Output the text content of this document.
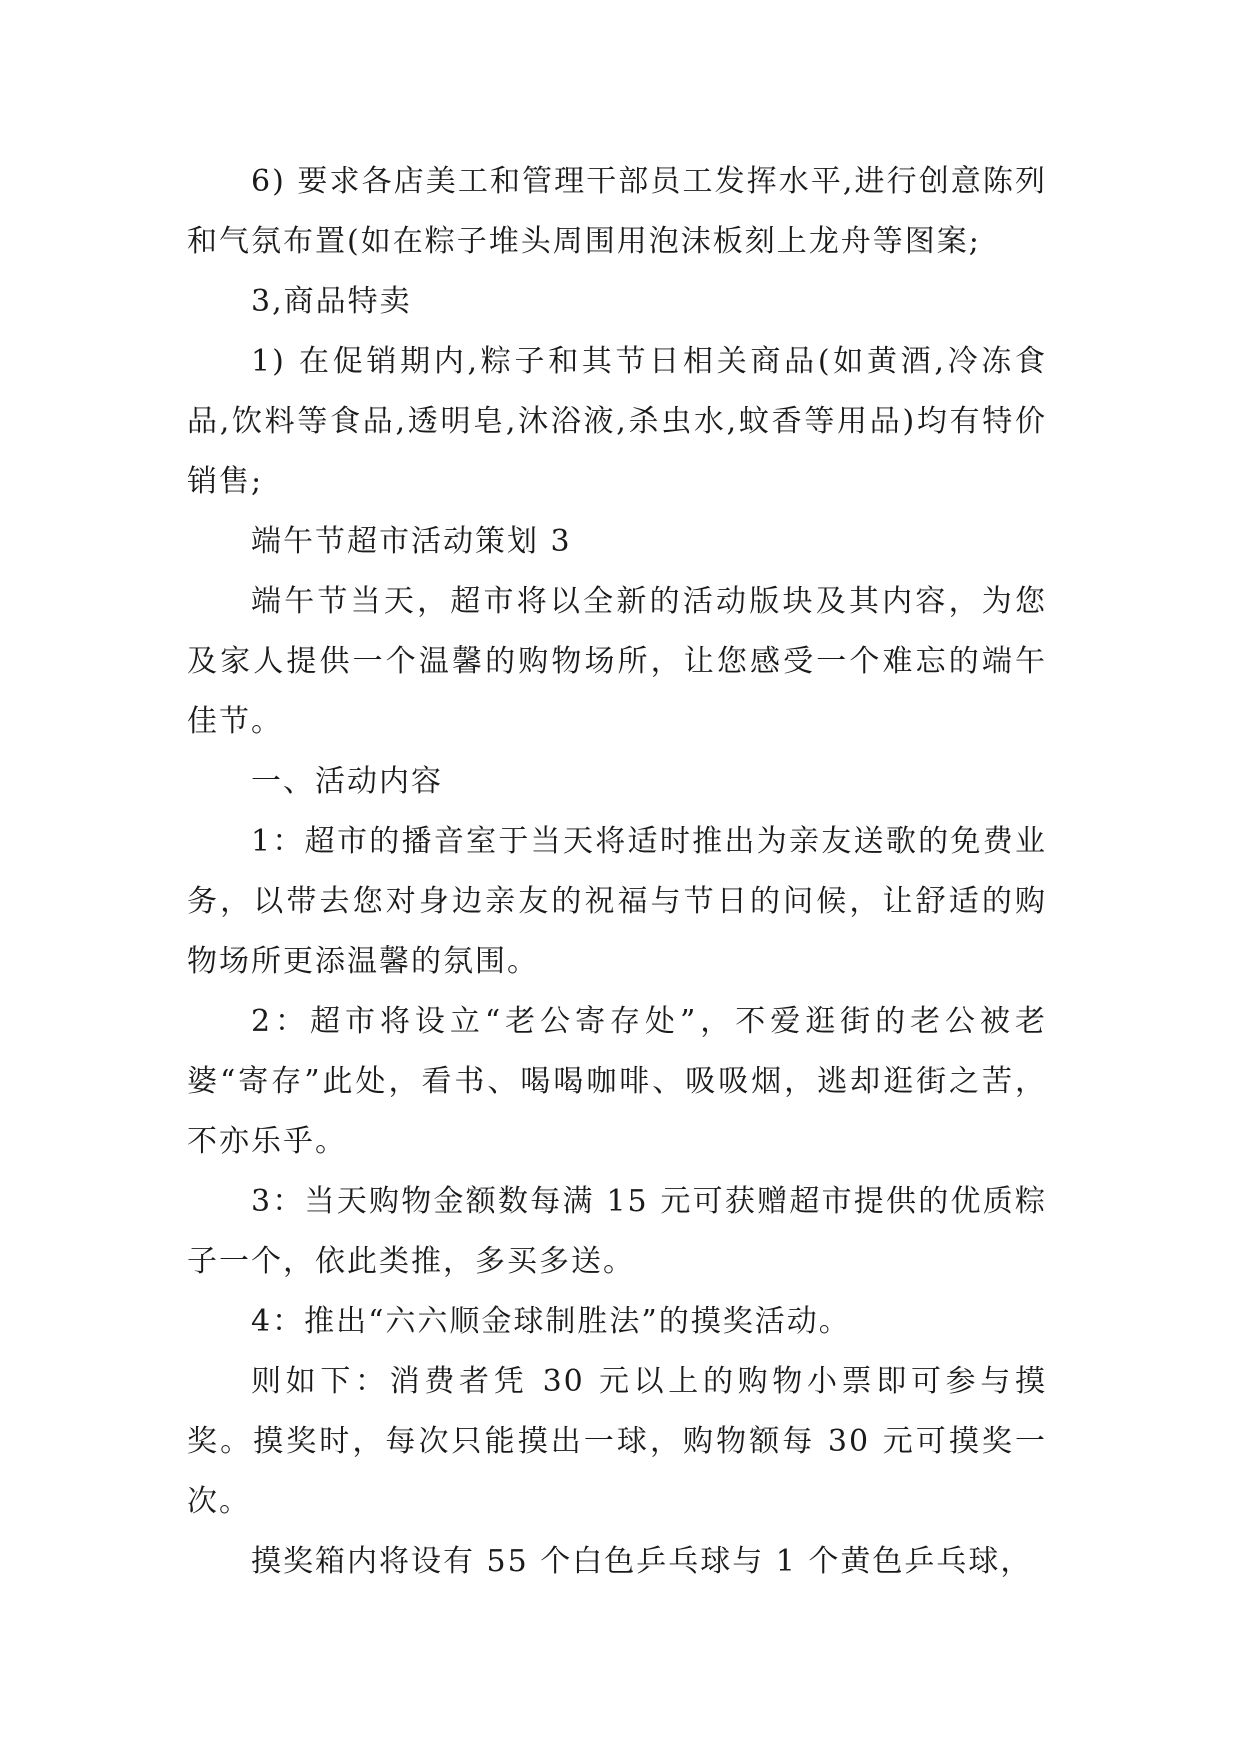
6) 要求各店美工和管理干部员工发挥水平,进行创意陈列和气氛布置(如在粽子堆头周围用泡沫板刻上龙舟等图案;

3,商品特卖

1) 在促销期内,粽子和其节日相关商品(如黄酒,冷冻食品,饮料等食品,透明皂,沐浴液,杀虫水,蚊香等用品)均有特价销售;

端午节超市活动策划 3

端午节当天，超市将以全新的活动版块及其内容，为您及家人提供一个温馨的购物场所，让您感受一个难忘的端午佳节。

一、活动内容

1：超市的播音室于当天将适时推出为亲友送歌的免费业务，以带去您对身边亲友的祝福与节日的问候，让舒适的购物场所更添温馨的氛围。

2：超市将设立“老公寄存处”，不爱逛街的老公被老婆“寄存”此处，看书、喝喝咖啡、吸吸烟，逃却逛街之苦，不亦乐乎。

3：当天购物金额数每满 15 元可获赠超市提供的优质粽子一个，依此类推，多买多送。

4：推出“六六顺金球制胜法”的摸奖活动。

则如下：消费者凭 30 元以上的购物小票即可参与摸奖。摸奖时，每次只能摸出一球，购物额每 30 元可摸奖一次。

摸奖箱内将设有 55 个白色乒乓球与 1 个黄色乒乓球，
